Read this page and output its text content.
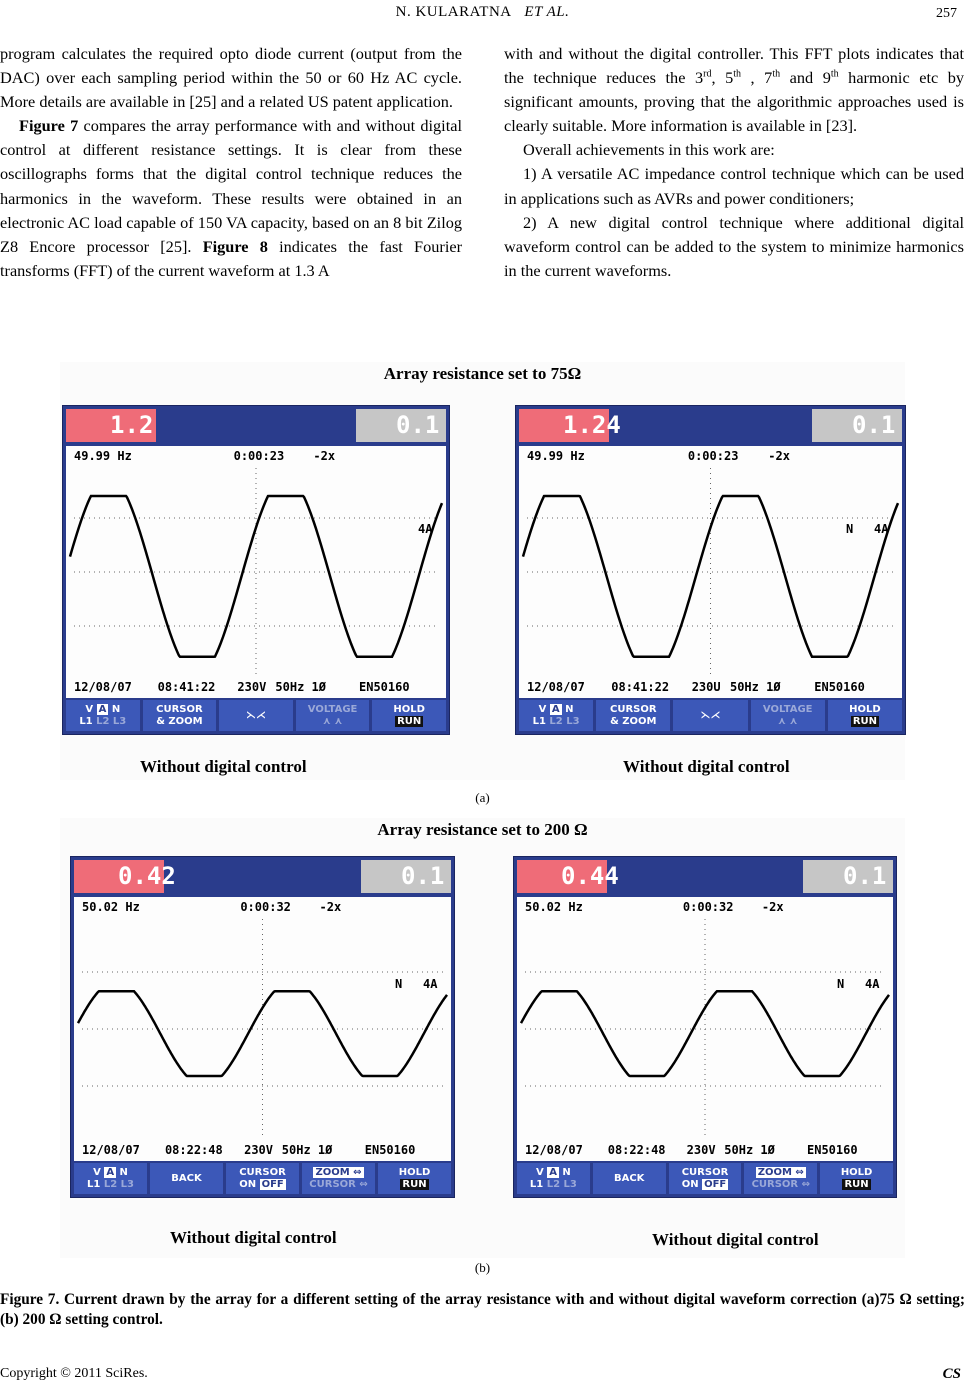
N. KULARATNA ET AL.	257

program calculates the required opto diode current (output from the DAC) over each sampling period within the 50 or 60 Hz AC cycle. More details are available in [25] and a related US patent application.

Figure 7 compares the array performance with and without digital control at different resistance settings. It is clear from these oscillographs forms that the digital control technique reduces the harmonics in the waveform. These results were obtained in an electronic AC load capable of 150 VA capacity, based on an 8 bit Zilog Z8 Encore processor [25]. Figure 8 indicates the fast Fourier transforms (FFT) of the current waveform at 1.3 A

with and without the digital controller. This FFT plots indicates that the technique reduces the 3rd, 5th , 7th and 9th harmonic etc by significant amounts, proving that the algorithmic approaches used is clearly suitable. More information is available in [23].

Overall achievements in this work are:

1) A versatile AC impedance control technique which can be used in applications such as AVRs and power conditioners;

2) A new digital control technique where additional digital waveform control can be added to the system to minimize harmonics in the current waveforms.

Array resistance set to 75Ω
1.2	0.1
49.99 Hz	0:00:23 -2x
4A
12/08/07 08:41:22 230V 50Hz 1Ø	EN50160
V A N
L1 L2 L3
CURSOR
& ZOOM
⋋⋌
VOLTAGE
⋏ ⋏
HOLD
RUN
1.24	0.1
49.99 Hz	0:00:23 -2x
4A
N
12/08/07 08:41:22 230U 50Hz 1Ø	EN50160
V A N
L1 L2 L3
CURSOR
& ZOOM
⋋⋌
VOLTAGE
⋏ ⋏
HOLD
RUN
Without digital control	Without digital control
(a)
Array resistance set to 200 Ω
0.42	0.1
50.02 Hz	0:00:32 -2x
4A
N
12/08/07 08:22:48 230V 50Hz 1Ø	EN50160
V A N
L1 L2 L3
BACK
CURSOR
ON OFF
ZOOM ⇔
CURSOR ⇔
HOLD
RUN
0.44	0.1
50.02 Hz	0:00:32 -2x
4A
N
12/08/07 08:22:48 230V 50Hz 1Ø	EN50160
V A N
L1 L2 L3
BACK
CURSOR
ON OFF
ZOOM ⇔
CURSOR ⇔
HOLD
RUN
Without digital control	Without digital control
(b)
Figure 7. Current drawn by the array for a different setting of the array resistance with and without digital waveform correction (a)75 Ω setting; (b) 200 Ω setting control.
Copyright © 2011 SciRes.	CS
